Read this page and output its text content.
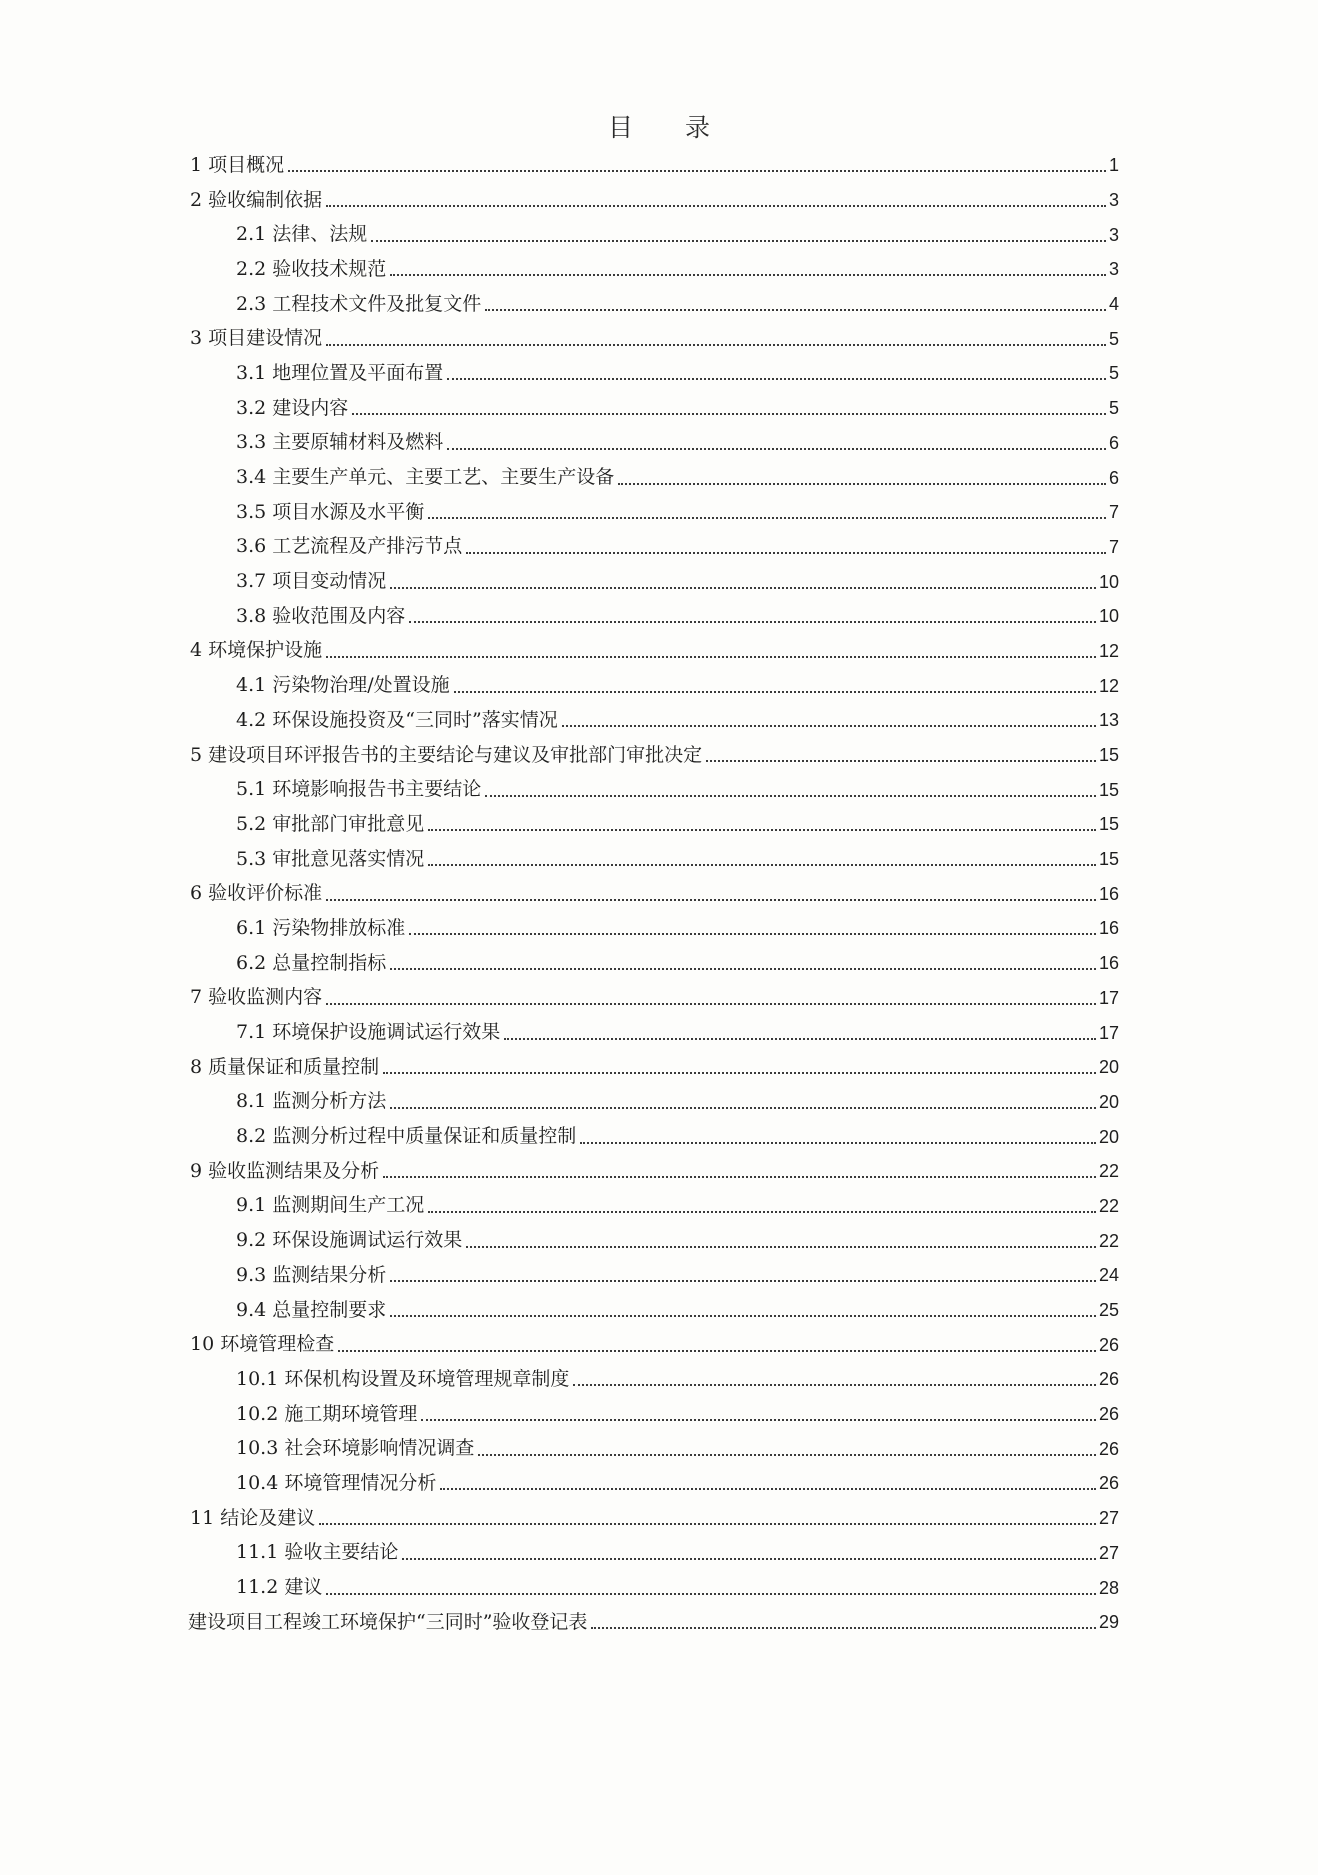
目 录
1 项目概况	1
2 验收编制依据	3
2.1 法律、法规	3
2.2 验收技术规范	3
2.3 工程技术文件及批复文件	4
3 项目建设情况	5
3.1 地理位置及平面布置	5
3.2 建设内容	5
3.3 主要原辅材料及燃料	6
3.4 主要生产单元、主要工艺、主要生产设备	6
3.5 项目水源及水平衡	7
3.6 工艺流程及产排污节点	7
3.7 项目变动情况	10
3.8 验收范围及内容	10
4 环境保护设施	12
4.1 污染物治理/处置设施	12
4.2 环保设施投资及“三同时”落实情况	13
5 建设项目环评报告书的主要结论与建议及审批部门审批决定	15
5.1 环境影响报告书主要结论	15
5.2 审批部门审批意见	15
5.3 审批意见落实情况	15
6 验收评价标准	16
6.1 污染物排放标准	16
6.2 总量控制指标	16
7 验收监测内容	17
7.1 环境保护设施调试运行效果	17
8 质量保证和质量控制	20
8.1 监测分析方法	20
8.2 监测分析过程中质量保证和质量控制	20
9 验收监测结果及分析	22
9.1 监测期间生产工况	22
9.2 环保设施调试运行效果	22
9.3 监测结果分析	24
9.4 总量控制要求	25
10 环境管理检查	26
10.1 环保机构设置及环境管理规章制度	26
10.2 施工期环境管理	26
10.3 社会环境影响情况调查	26
10.4 环境管理情况分析	26
11 结论及建议	27
11.1 验收主要结论	27
11.2 建议	28
建设项目工程竣工环境保护“三同时”验收登记表	29
